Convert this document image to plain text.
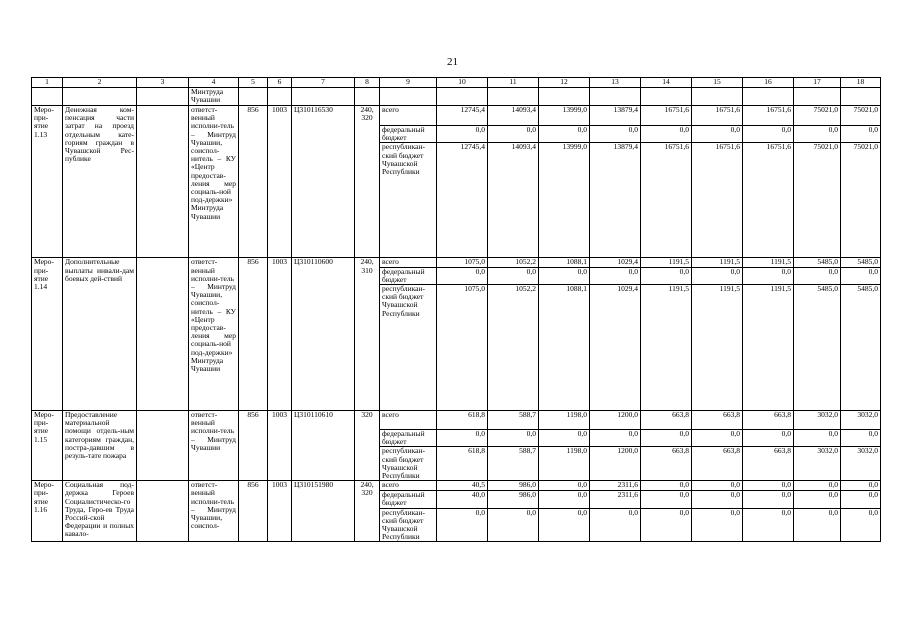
21
1	2	3	4	5	6	7	8	9	10	11	12	13	14	15	16	17	18
			Минтруда Чувашии														
Меро-при-ятие 1.13	Денежная ком-пенсация части затрат на проезд отдельным кате-гориям граждан в Чувашской Рес-публике		ответст-венный исполни-тель – Минтруд Чувашии, соиспол-нитель – КУ «Центр предостав-ления мер социаль-ной под-держки» Минтруда Чувашии	856	1003	Ц310116530	240, 320	всего	12745,4	14093,4	13999,0	13879,4	16751,6	16751,6	16751,6	75021,0	75021,0
								федеральный бюджет	0,0	0,0	0,0	0,0	0,0	0,0	0,0	0,0	0,0
								республикан-ский бюджет Чувашской Республики	12745,4	14093,4	13999,0	13879,4	16751,6	16751,6	16751,6	75021,0	75021,0
Меро-при-ятие 1.14	Дополнительные выплаты инвали-дам боевых дей-ствий		ответст-венный исполни-тель – Минтруд Чувашии, соиспол-нитель – КУ «Центр предостав-ления мер социаль-ной под-держки» Минтруда Чувашии	856	1003	Ц310110600	240, 310	всего	1075,0	1052,2	1088,1	1029,4	1191,5	1191,5	1191,5	5485,0	5485,0
								федеральный бюджет	0,0	0,0	0,0	0,0	0,0	0,0	0,0	0,0	0,0
								республикан-ский бюджет Чувашской Республики	1075,0	1052,2	1088,1	1029,4	1191,5	1191,5	1191,5	5485,0	5485,0
Меро-при-ятие 1.15	Предоставление материальной помощи отдель-ным категориям граждан, постра-давшим в резуль-тате пожара		ответст-венный исполни-тель – Минтруд Чувашии	856	1003	Ц310110610	320	всего	618,8	588,7	1198,0	1200,0	663,8	663,8	663,8	3032,0	3032,0
								федеральный бюджет	0,0	0,0	0,0	0,0	0,0	0,0	0,0	0,0	0,0
								республикан-ский бюджет Чувашской Республики	618,8	588,7	1198,0	1200,0	663,8	663,8	663,8	3032,0	3032,0
Меро-при-ятие 1.16	Социальная под-держка Героев Социалистическо-го Труда, Геро-ев Труда Россий-ской Федерации и полных кавало-		ответст-венный исполни-тель – Минтруд Чувашии, соиспол-	856	1003	Ц310151980	240, 320	всего	40,5	986,0	0,0	2311,6	0,0	0,0	0,0	0,0	0,0
								федеральный бюджет	40,0	986,0	0,0	2311,6	0,0	0,0	0,0	0,0	0,0
								республикан-ский бюджет Чувашской Республики	0,0	0,0	0,0	0,0	0,0	0,0	0,0	0,0	0,0
